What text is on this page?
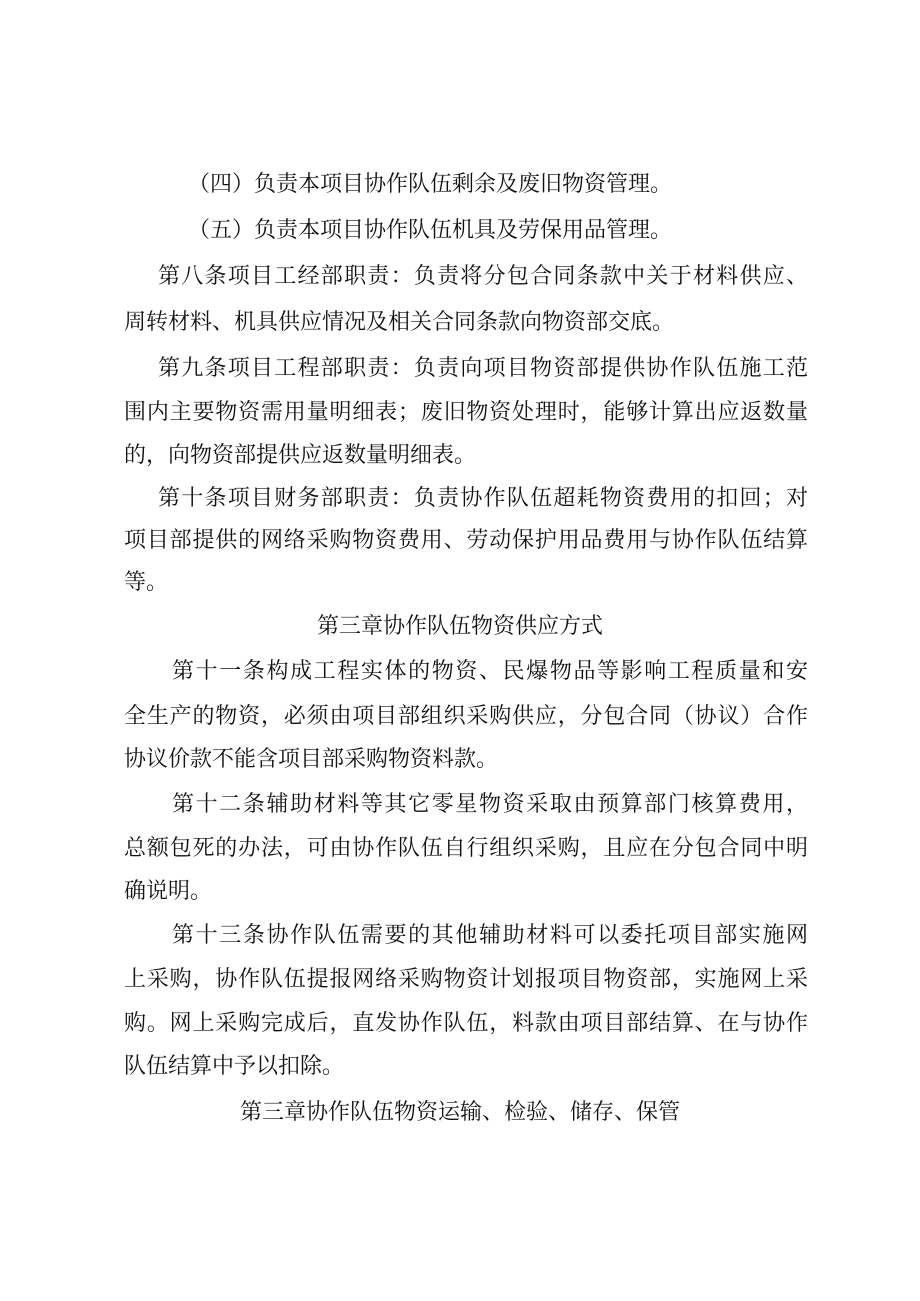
（四）负责本项目协作队伍剩余及废旧物资管理。
（五）负责本项目协作队伍机具及劳保用品管理。
第八条项目工经部职责：负责将分包合同条款中关于材料供应、
周转材料、机具供应情况及相关合同条款向物资部交底。
第九条项目工程部职责：负责向项目物资部提供协作队伍施工范
围内主要物资需用量明细表；废旧物资处理时，能够计算出应返数量
的，向物资部提供应返数量明细表。
第十条项目财务部职责：负责协作队伍超耗物资费用的扣回；对
项目部提供的网络采购物资费用、劳动保护用品费用与协作队伍结算
等。
第三章协作队伍物资供应方式
第十一条构成工程实体的物资、民爆物品等影响工程质量和安
全生产的物资，必须由项目部组织采购供应，分包合同（协议）合作
协议价款不能含项目部采购物资料款。
第十二条辅助材料等其它零星物资采取由预算部门核算费用，
总额包死的办法，可由协作队伍自行组织采购，且应在分包合同中明
确说明。
第十三条协作队伍需要的其他辅助材料可以委托项目部实施网
上采购，协作队伍提报网络采购物资计划报项目物资部，实施网上采
购。网上采购完成后，直发协作队伍，料款由项目部结算、在与协作
队伍结算中予以扣除。
第三章协作队伍物资运输、检验、储存、保管
